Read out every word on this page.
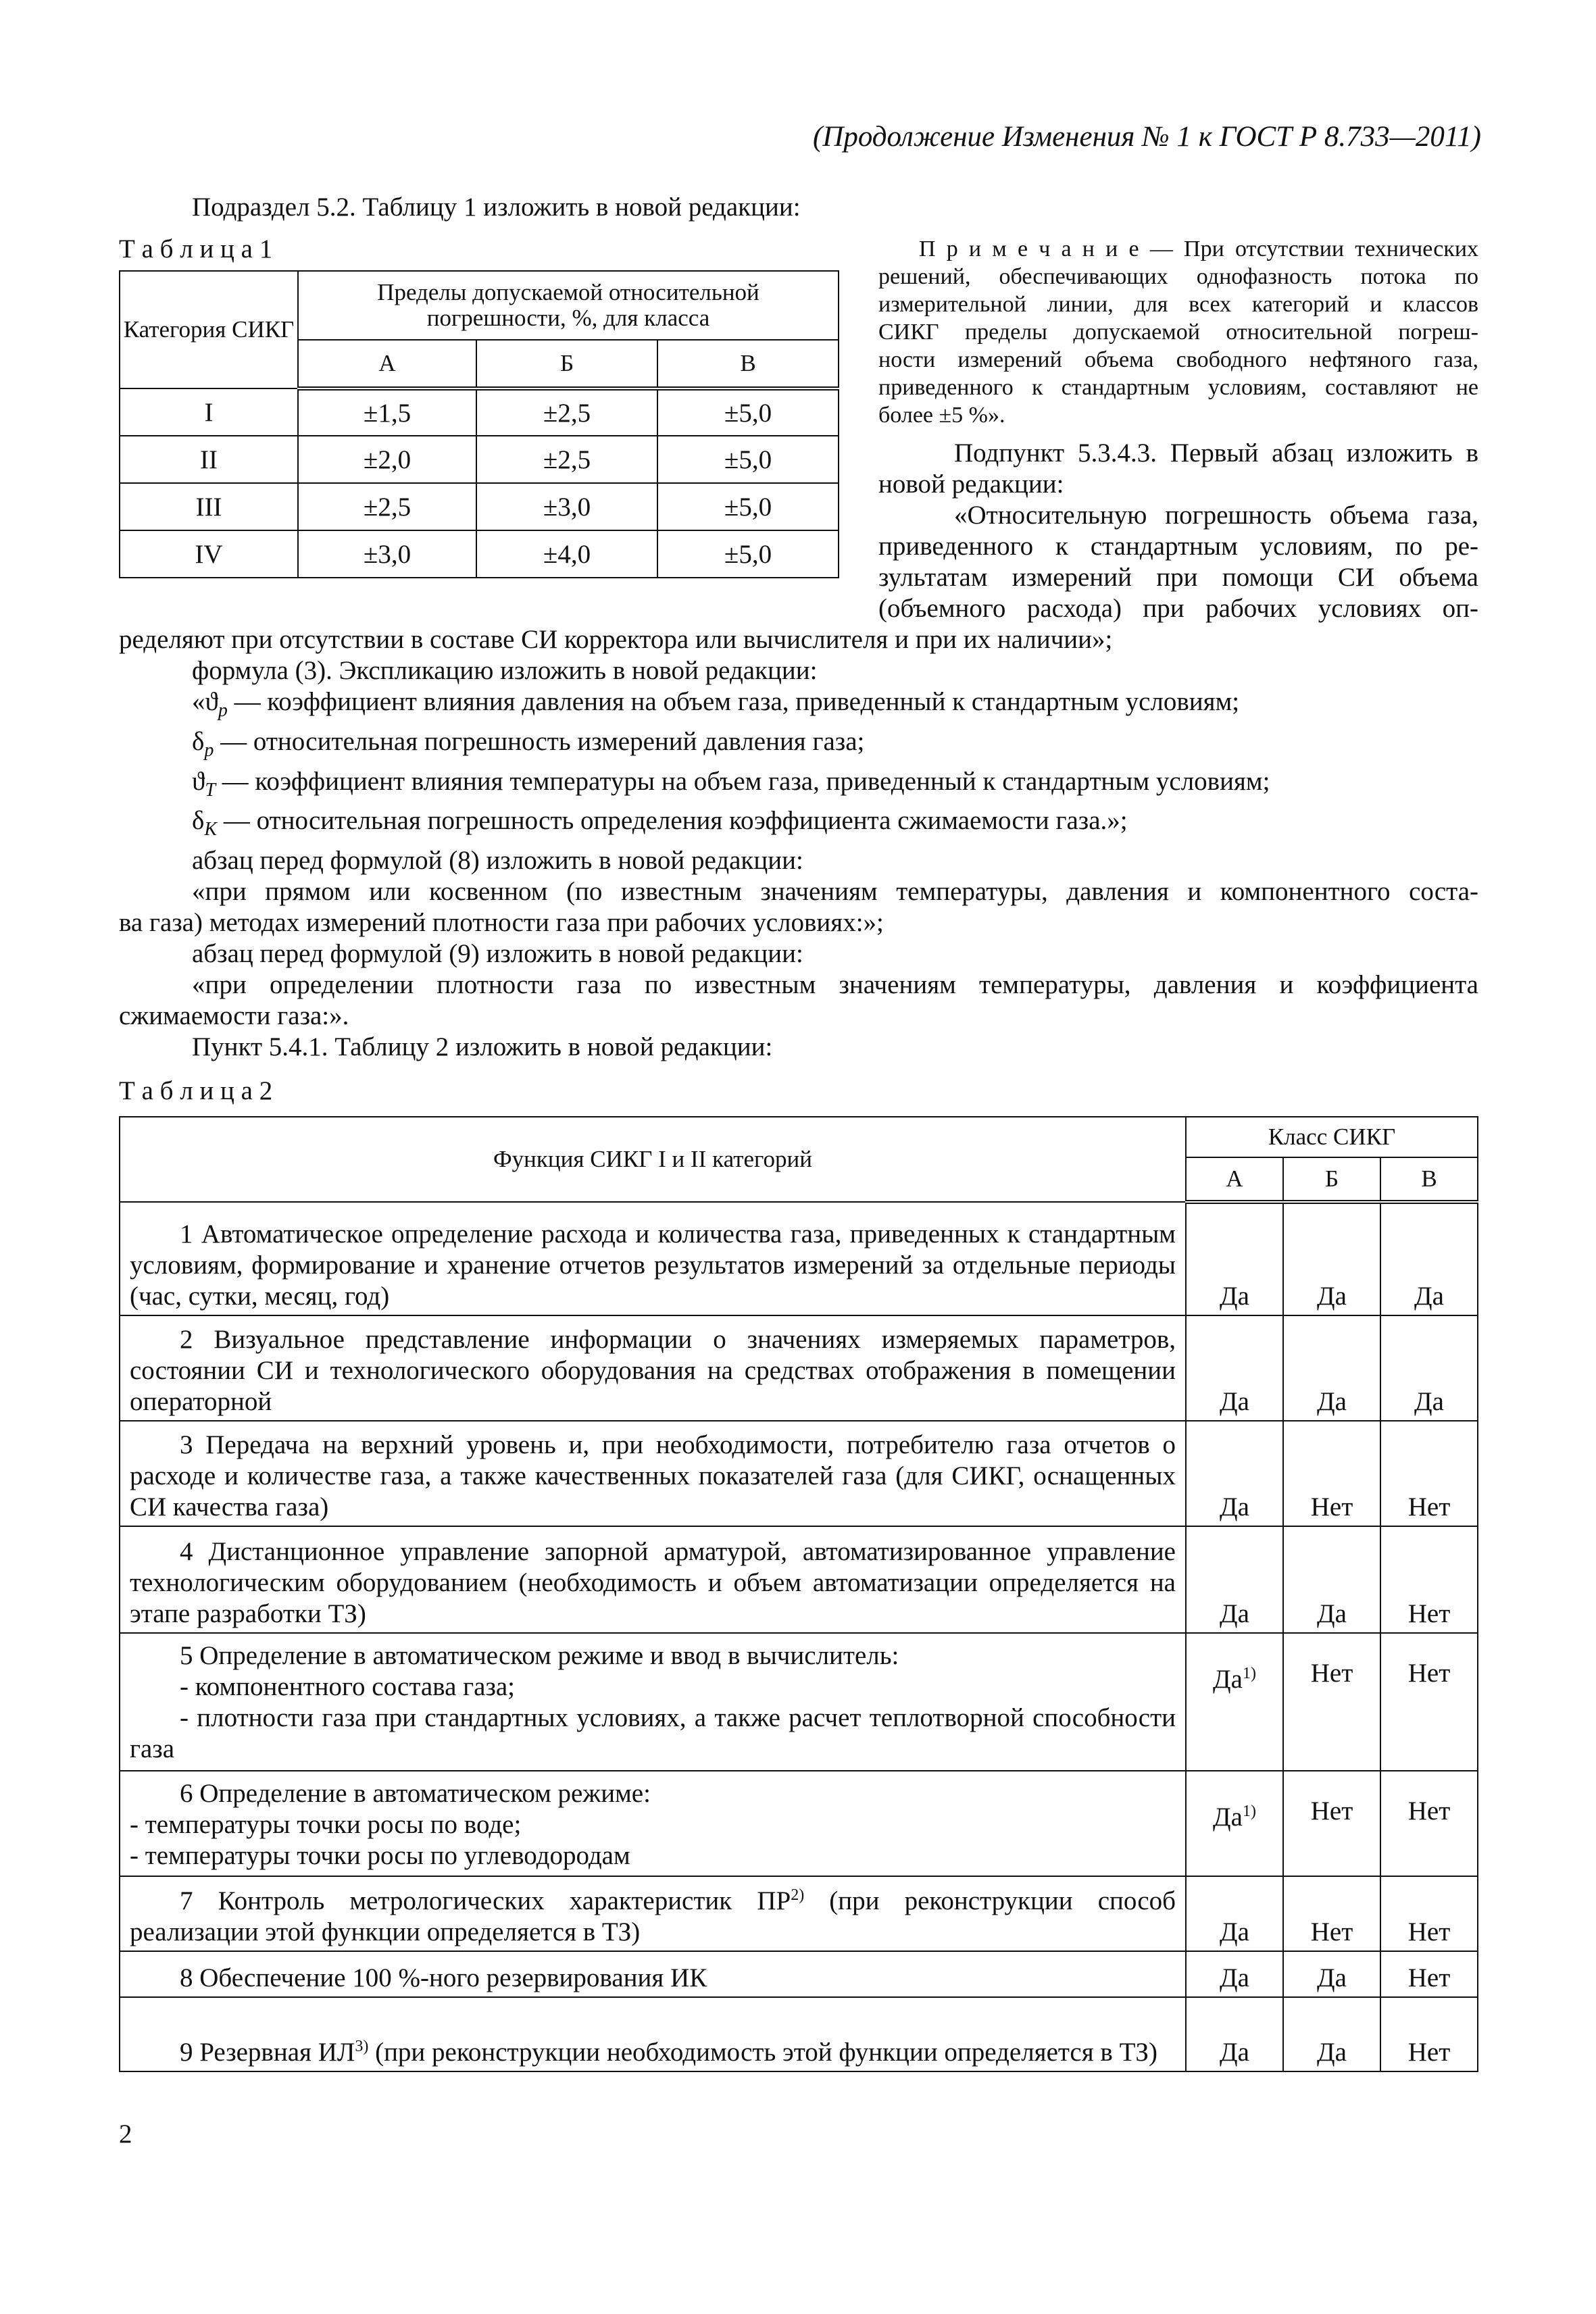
(Продолжение Изменения № 1 к ГОСТ Р 8.733—2011)
Подраздел 5.2. Таблицу 1 изложить в новой редакции:
Т а б л и ц а 1
Категория СИКГ	Пределы допускаемой относительной погрешности, %, для класса		
	А	Б	В
I	±1,5	±2,5	±5,0
II	±2,0	±2,5	±5,0
III	±2,5	±3,0	±5,0
IV	±3,0	±4,0	±5,0
П р и м е ч а н и е — При отсутствии технических
решений, обеспечивающих однофазность потока по
измерительной линии, для всех категорий и классов
СИКГ пределы допускаемой относительной погреш-
ности измерений объема свободного нефтяного газа,
приведенного к стандартным условиям, составляют не
более ±5 %».
Подпункт 5.3.4.3. Первый абзац изложить в
новой редакции:
«Относительную погрешность объема газа,
приведенного к стандартным условиям, по ре-
зультатам измерений при помощи СИ объема
(объемного расхода) при рабочих условиях оп-
ределяют при отсутствии в составе СИ корректора или вычислителя и при их наличии»;
формула (3). Экспликацию изложить в новой редакции:
«$ϑ_p$ — коэффициент влияния давления на объем газа, приведенный к стандартным условиям;
$\delta_p$ — относительная погрешность измерений давления газа;
$ϑ_T$ — коэффициент влияния температуры на объем газа, приведенный к стандартным условиям;
$\delta_K$ — относительная погрешность определения коэффициента сжимаемости газа.»;
абзац перед формулой (8) изложить в новой редакции:
«при прямом или косвенном (по известным значениям температуры, давления и компонентного соста-
ва газа) методах измерений плотности газа при рабочих условиях:»;
абзац перед формулой (9) изложить в новой редакции:
«при определении плотности газа по известным значениям температуры, давления и коэффициента
сжимаемости газа:».
Пункт 5.4.1. Таблицу 2 изложить в новой редакции:
Т а б л и ц а 2
Функция СИКГ I и II категорий	Класс СИКГ		
	А	Б	В
1 Автоматическое определение расхода и количества газа, приведенных к стандартным условиям, формирование и хранение отчетов результатов измерений за отдельные периоды (час, сутки, месяц, год)	Да	Да	Да
2 Визуальное представление информации о значениях измеряемых параметров, состоянии СИ и технологического оборудования на средствах отображения в помещении операторной	Да	Да	Да
3 Передача на верхний уровень и, при необходимости, потребителю газа отчетов о расходе и количестве газа, а также качественных показателей газа (для СИКГ, оснащенных СИ качества газа)	Да	Нет	Нет
4 Дистанционное управление запорной арматурой, автоматизированное управление технологическим оборудованием (необходимость и объем автоматизации определяется на этапе разработки ТЗ)	Да	Да	Нет

5 Определение в автоматическом режиме и ввод в вычислитель:
- компонентного состава газа;
- плотности газа при стандартных условиях, а также расчет теплотворной способности газа	$Да^{1)}$	Нет	Нет

6 Определение в автоматическом режиме:
- температуры точки росы по воде;
- температуры точки росы по углеводородам	$Да^{1)}$	Нет	Нет
7 Контроль метрологических характеристик ПР$^{2)}$ (при реконструкции способ реализации этой функции определяется в ТЗ)	Да	Нет	Нет
8 Обеспечение 100 %-ного резервирования ИК	Да	Да	Нет
9 Резервная ИЛ$^{3)}$ (при реконструкции необходимость этой функции определяется в ТЗ)	Да	Да	Нет
2
